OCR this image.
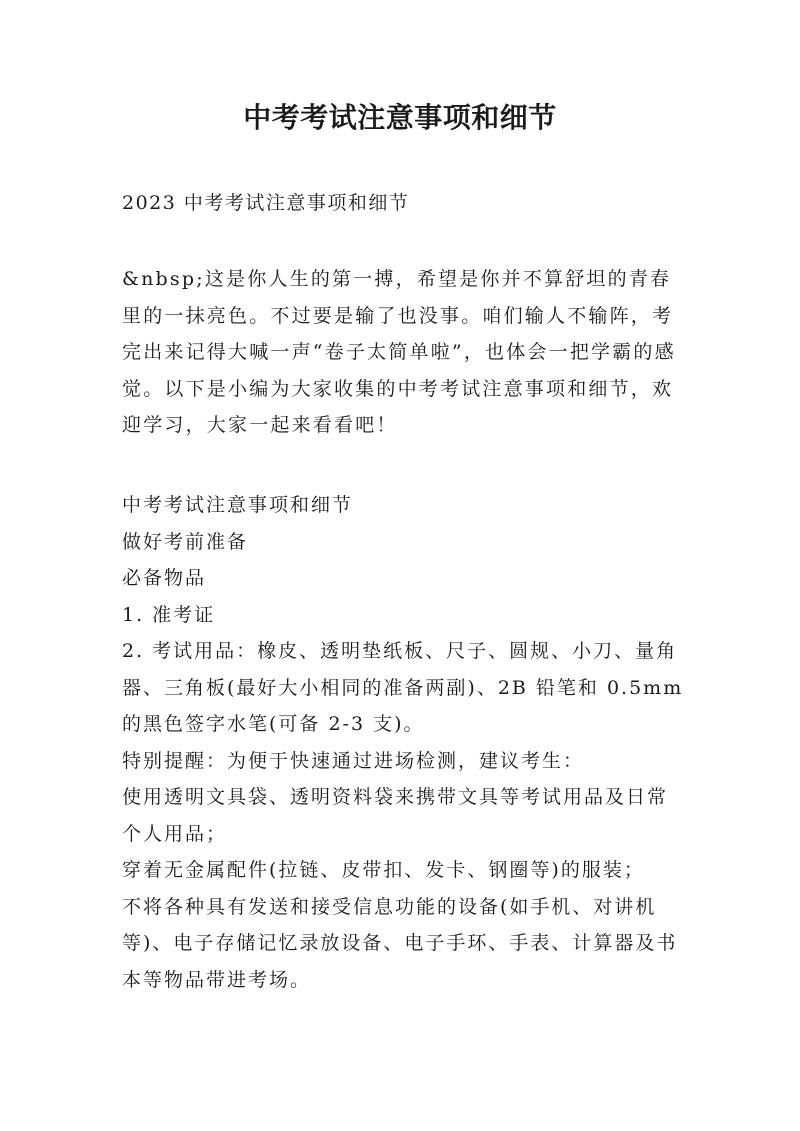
中考考试注意事项和细节
2023 中考考试注意事项和细节
&nbsp;这是你人生的第一搏，希望是你并不算舒坦的青春里的一抹亮色。不过要是输了也没事。咱们输人不输阵，考完出来记得大喊一声“卷子太简单啦”，也体会一把学霸的感觉。以下是小编为大家收集的中考考试注意事项和细节，欢迎学习，大家一起来看看吧！

中考考试注意事项和细节

做好考前准备

必备物品

1. 准考证

2. 考试用品：橡皮、透明垫纸板、尺子、圆规、小刀、量角器、三角板(最好大小相同的准备两副)、2B 铅笔和 0.5mm 的黑色签字水笔(可备 2-3 支)。

特别提醒：为便于快速通过进场检测，建议考生：

使用透明文具袋、透明资料袋来携带文具等考试用品及日常个人用品；

穿着无金属配件(拉链、皮带扣、发卡、钢圈等)的服装；

不将各种具有发送和接受信息功能的设备(如手机、对讲机等)、电子存储记忆录放设备、电子手环、手表、计算器及书本等物品带进考场。
